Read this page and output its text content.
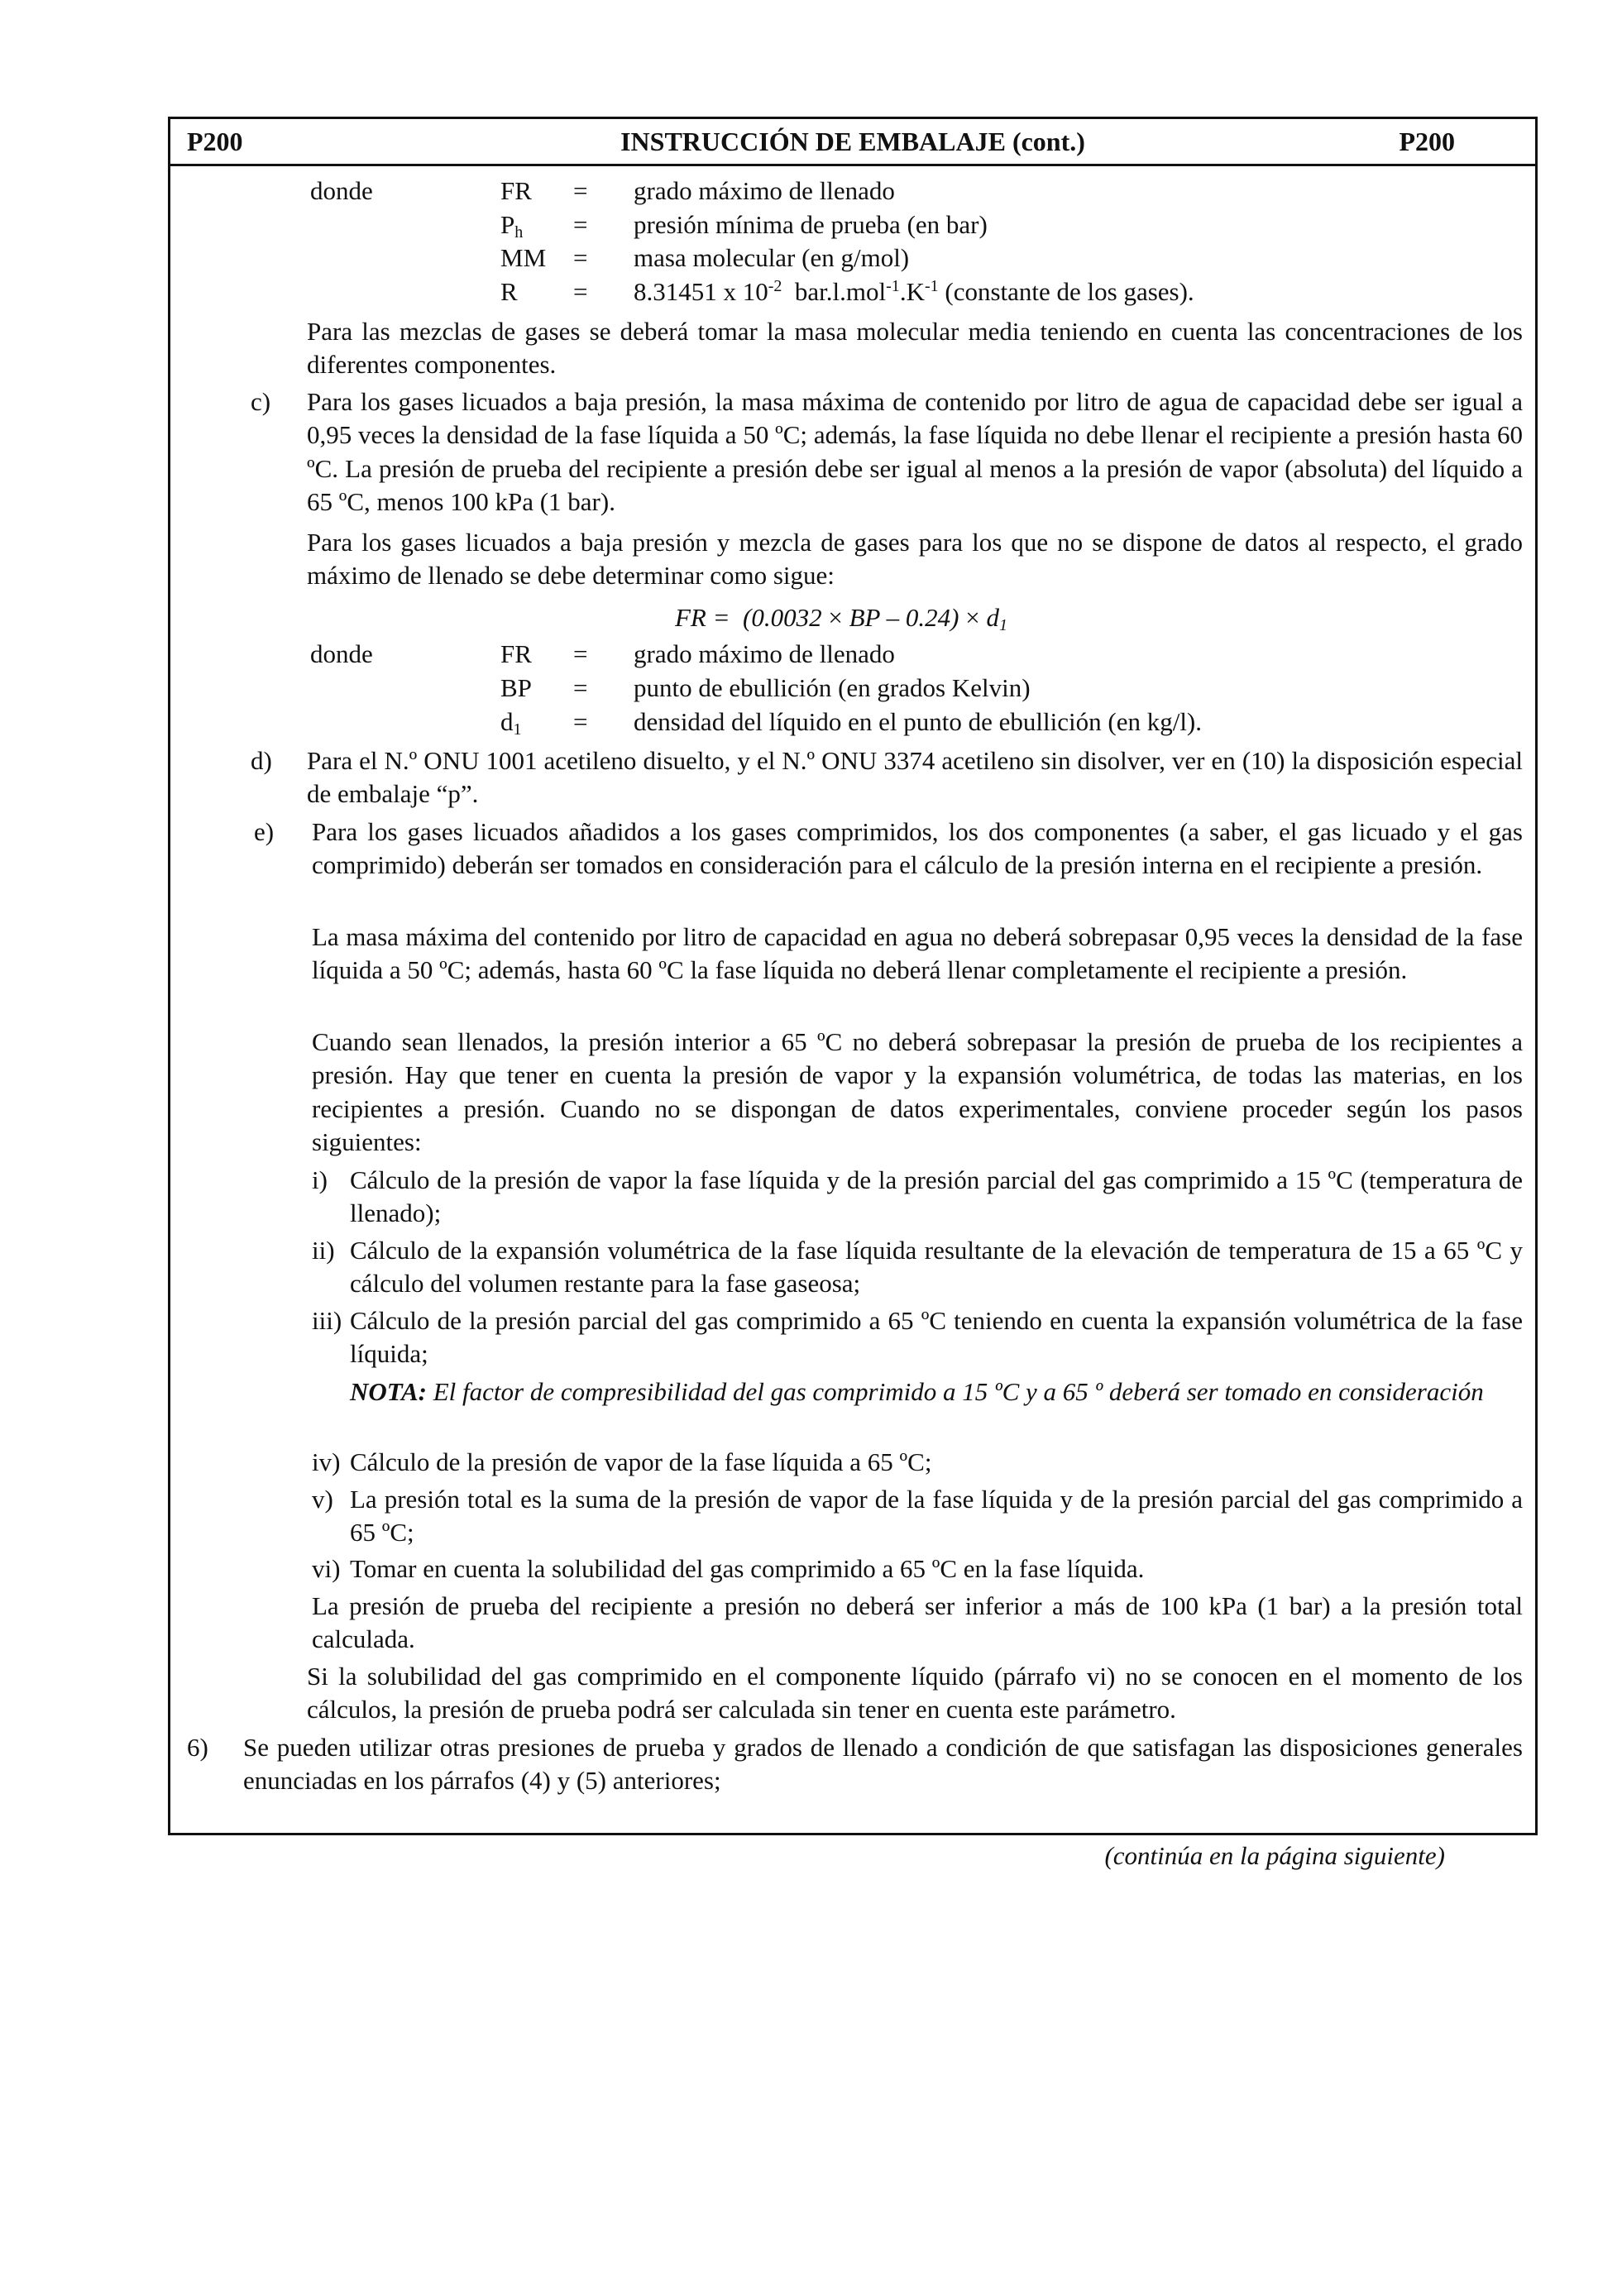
P200	INSTRUCCIÓN DE EMBALAJE (cont.)	P200
donde	FR = grado máximo de llenado
$P_h$ = presión mínima de prueba (en bar)
MM = masa molecular (en g/mol)
R = 8.31451 x $10^{-2}$  $bar.l.mol^{-1}.K^{-1}$ (constante de los gases).
Para las mezclas de gases se deberá tomar la masa molecular media teniendo en cuenta las concentraciones de los diferentes componentes.
c) Para los gases licuados a baja presión, la masa máxima de contenido por litro de agua de capacidad debe ser igual a 0,95 veces la densidad de la fase líquida a 50 ºC; además, la fase líquida no debe llenar el recipiente a presión hasta 60 ºC. La presión de prueba del recipiente a presión debe ser igual al menos a la presión de vapor (absoluta) del líquido a 65 ºC, menos 100 kPa (1 bar).
Para los gases licuados a baja presión y mezcla de gases para los que no se dispone de datos al respecto, el grado máximo de llenado se debe determinar como sigue:
FR =  (0.0032 × BP – $0.24) \times d_1$
donde	FR = grado máximo de llenado
BP = punto de ebullición (en grados Kelvin)
$d_1$ = densidad del líquido en el punto de ebullición (en kg/l).
d) Para el N.º ONU 1001 acetileno disuelto, y el N.º ONU 3374 acetileno sin disolver, ver en (10) la disposición especial de embalaje “p”.
e) Para los gases licuados añadidos a los gases comprimidos, los dos componentes (a saber, el gas licuado y el gas comprimido) deberán ser tomados en consideración para el cálculo de la presión interna en el recipiente a presión.
La masa máxima del contenido por litro de capacidad en agua no deberá sobrepasar 0,95 veces la densidad de la fase líquida a 50 ºC; además, hasta 60 ºC la fase líquida no deberá llenar completamente el recipiente a presión.
Cuando sean llenados, la presión interior a 65 ºC no deberá sobrepasar la presión de prueba de los recipientes a presión. Hay que tener en cuenta la presión de vapor y la expansión volumétrica, de todas las materias, en los recipientes a presión. Cuando no se dispongan de datos experimentales, conviene proceder según los pasos siguientes:
i) Cálculo de la presión de vapor la fase líquida y de la presión parcial del gas comprimido a 15 ºC (temperatura de llenado);
ii) Cálculo de la expansión volumétrica de la fase líquida resultante de la elevación de temperatura de 15 a 65 ºC y cálculo del volumen restante para la fase gaseosa;
iii) Cálculo de la presión parcial del gas comprimido a 65 ºC teniendo en cuenta la expansión volumétrica de la fase líquida;
NOTA: El factor de compresibilidad del gas comprimido a 15 ºC y a 65 º deberá ser tomado en consideración
iv) Cálculo de la presión de vapor de la fase líquida a 65 ºC;
v) La presión total es la suma de la presión de vapor de la fase líquida y de la presión parcial del gas comprimido a 65 ºC;
vi) Tomar en cuenta la solubilidad del gas comprimido a 65 ºC en la fase líquida.
La presión de prueba del recipiente a presión no deberá ser inferior a más de 100 kPa (1 bar) a la presión total calculada.
Si la solubilidad del gas comprimido en el componente líquido (párrafo vi) no se conocen en el momento de los cálculos, la presión de prueba podrá ser calculada sin tener en cuenta este parámetro.
6) Se pueden utilizar otras presiones de prueba y grados de llenado a condición de que satisfagan las disposiciones generales enunciadas en los párrafos (4) y (5) anteriores;
(continúa en la página siguiente)
